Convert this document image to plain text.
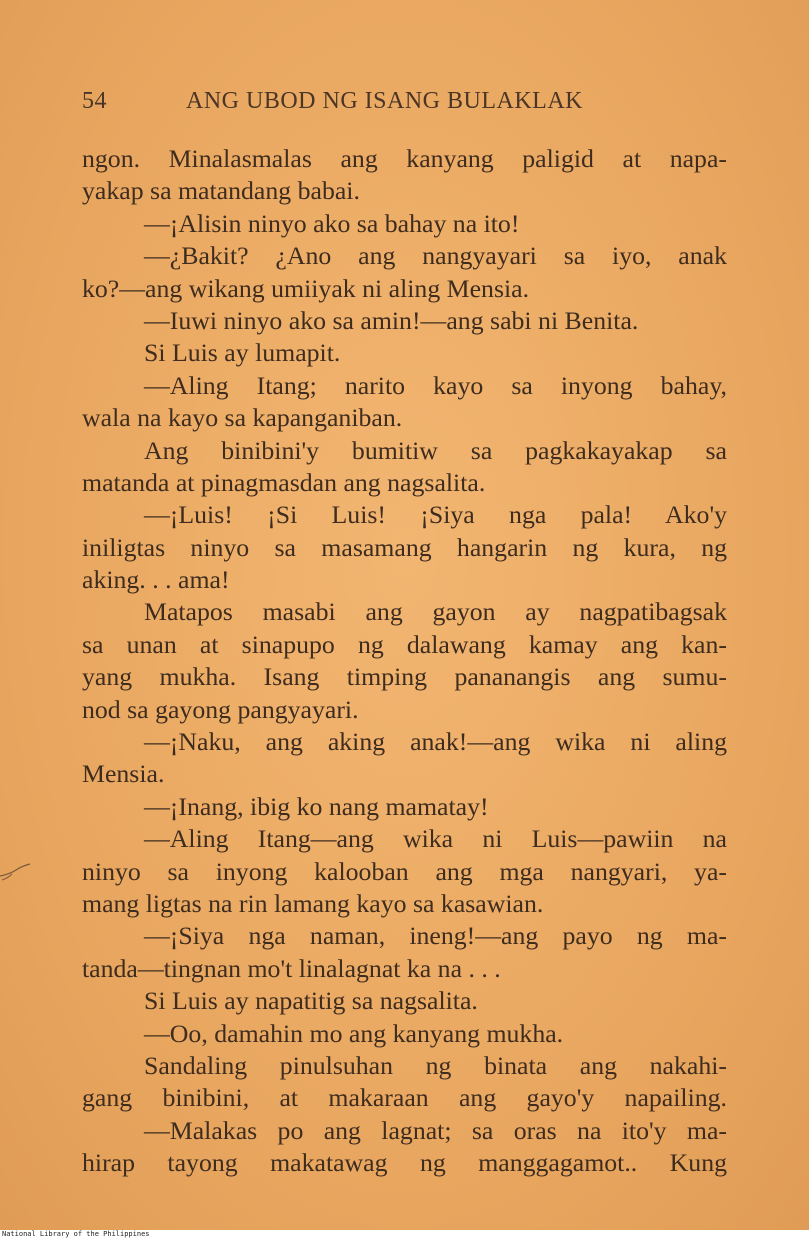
54	ANG UBOD NG ISANG BULAKLAK
ngon. Minalasmalas ang kanyang paligid at napa-
yakap sa matandang babai.
—¡Alisin ninyo ako sa bahay na ito!
—¿Bakit? ¿Ano ang nangyayari sa iyo, anak
ko?—ang wikang umiiyak ni aling Mensia.
—Iuwi ninyo ako sa amin!—ang sabi ni Benita.
Si Luis ay lumapit.
—Aling Itang; narito kayo sa inyong bahay,
wala na kayo sa kapanganiban.
Ang binibini'y bumitiw sa pagkakayakap sa
matanda at pinagmasdan ang nagsalita.
—¡Luis! ¡Si Luis! ¡Siya nga pala! Ako'y
iniligtas ninyo sa masamang hangarin ng kura, ng
aking. . . ama!
Matapos masabi ang gayon ay nagpatibagsak
sa unan at sinapupo ng dalawang kamay ang kan-
yang mukha. Isang timping pananangis ang sumu-
nod sa gayong pangyayari.
—¡Naku, ang aking anak!—ang wika ni aling
Mensia.
—¡Inang, ibig ko nang mamatay!
—Aling Itang—ang wika ni Luis—pawiin na
ninyo sa inyong kalooban ang mga nangyari, ya-
mang ligtas na rin lamang kayo sa kasawian.
—¡Siya nga naman, ineng!—ang payo ng ma-
tanda—tingnan mo't linalagnat ka na . . .
Si Luis ay napatitig sa nagsalita.
—Oo, damahin mo ang kanyang mukha.
Sandaling pinulsuhan ng binata ang nakahi-
gang binibini, at makaraan ang gayo'y napailing.
—Malakas po ang lagnat; sa oras na ito'y ma-
hirap tayong makatawag ng manggagamot.. Kung
National Library of the Philippines
